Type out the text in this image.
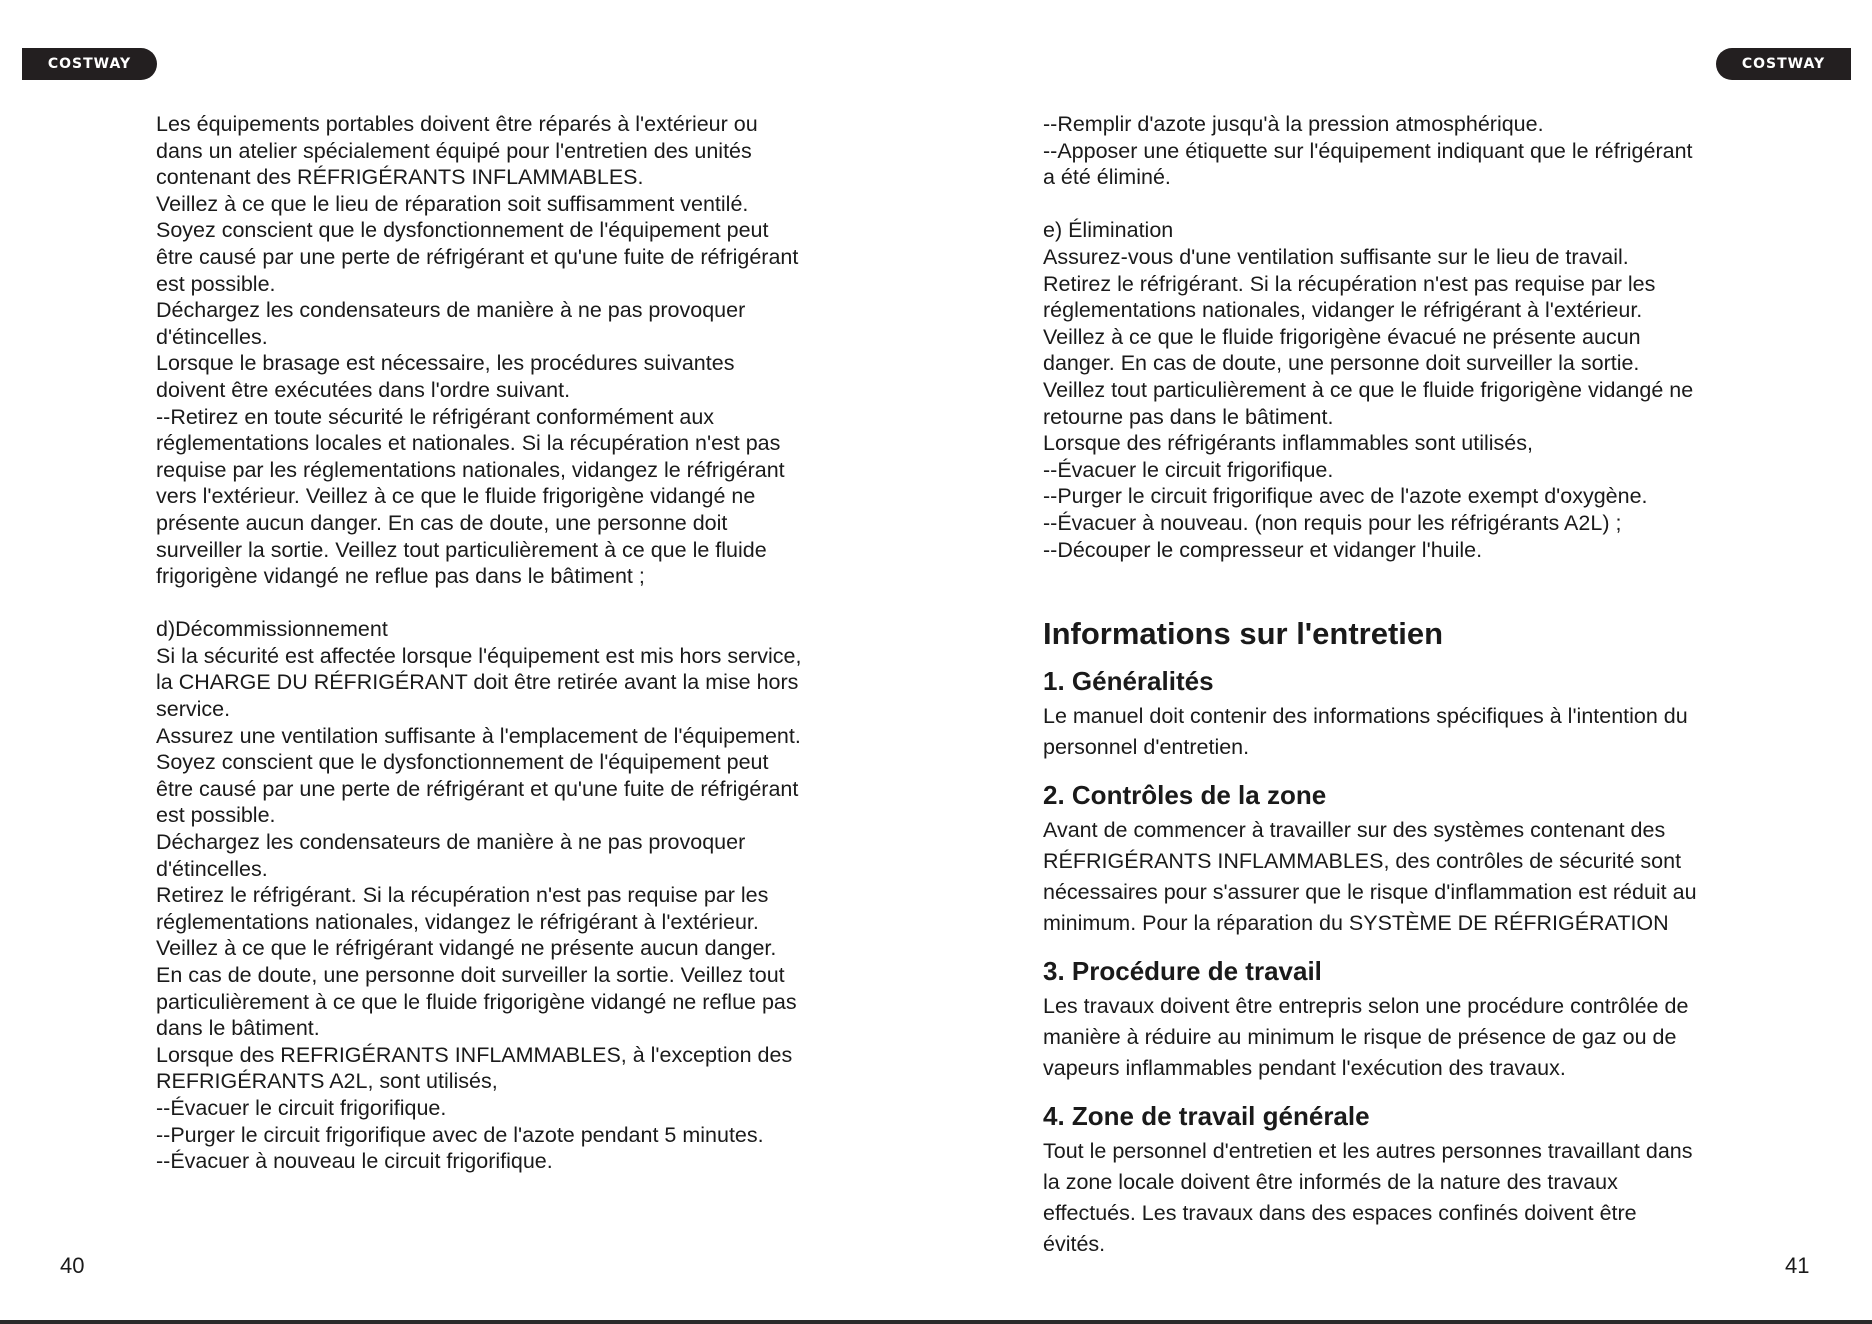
COSTWAY	COSTWAY

Les équipements portables doivent être réparés à l'extérieur ou
dans un atelier spécialement équipé pour l'entretien des unités
contenant des RÉFRIGÉRANTS INFLAMMABLES.
Veillez à ce que le lieu de réparation soit suffisamment ventilé.
Soyez conscient que le dysfonctionnement de l'équipement peut
être causé par une perte de réfrigérant et qu'une fuite de réfrigérant
est possible.
Déchargez les condensateurs de manière à ne pas provoquer
d'étincelles.
Lorsque le brasage est nécessaire, les procédures suivantes
doivent être exécutées dans l'ordre suivant.
--Retirez en toute sécurité le réfrigérant conformément aux
réglementations locales et nationales. Si la récupération n'est pas
requise par les réglementations nationales, vidangez le réfrigérant
vers l'extérieur. Veillez à ce que le fluide frigorigène vidangé ne
présente aucun danger. En cas de doute, une personne doit
surveiller la sortie. Veillez tout particulièrement à ce que le fluide
frigorigène vidangé ne reflue pas dans le bâtiment ;

d)Décommissionnement
Si la sécurité est affectée lorsque l'équipement est mis hors service,
la CHARGE DU RÉFRIGÉRANT doit être retirée avant la mise hors
service.
Assurez une ventilation suffisante à l'emplacement de l'équipement.
Soyez conscient que le dysfonctionnement de l'équipement peut
être causé par une perte de réfrigérant et qu'une fuite de réfrigérant
est possible.
Déchargez les condensateurs de manière à ne pas provoquer
d'étincelles.
Retirez le réfrigérant. Si la récupération n'est pas requise par les
réglementations nationales, vidangez le réfrigérant à l'extérieur.
Veillez à ce que le réfrigérant vidangé ne présente aucun danger.
En cas de doute, une personne doit surveiller la sortie. Veillez tout
particulièrement à ce que le fluide frigorigène vidangé ne reflue pas
dans le bâtiment.
Lorsque des REFRIGÉRANTS INFLAMMABLES, à l'exception des
REFRIGÉRANTS A2L, sont utilisés,
--Évacuer le circuit frigorifique.
--Purger le circuit frigorifique avec de l'azote pendant 5 minutes.
--Évacuer à nouveau le circuit frigorifique.

--Remplir d'azote jusqu'à la pression atmosphérique.
--Apposer une étiquette sur l'équipement indiquant que le réfrigérant
a été éliminé.

e) Élimination
Assurez-vous d'une ventilation suffisante sur le lieu de travail.
Retirez le réfrigérant. Si la récupération n'est pas requise par les
réglementations nationales, vidanger le réfrigérant à l'extérieur.
Veillez à ce que le fluide frigorigène évacué ne présente aucun
danger. En cas de doute, une personne doit surveiller la sortie.
Veillez tout particulièrement à ce que le fluide frigorigène vidangé ne
retourne pas dans le bâtiment.
Lorsque des réfrigérants inflammables sont utilisés,
--Évacuer le circuit frigorifique.
--Purger le circuit frigorifique avec de l'azote exempt d'oxygène.
--Évacuer à nouveau. (non requis pour les réfrigérants A2L) ;
--Découper le compresseur et vidanger l'huile.

Informations sur l'entretien
1. Généralités

Le manuel doit contenir des informations spécifiques à l'intention du
personnel d'entretien.

2. Contrôles de la zone

Avant de commencer à travailler sur des systèmes contenant des
RÉFRIGÉRANTS INFLAMMABLES, des contrôles de sécurité sont
nécessaires pour s'assurer que le risque d'inflammation est réduit au
minimum. Pour la réparation du SYSTÈME DE RÉFRIGÉRATION

3. Procédure de travail

Les travaux doivent être entrepris selon une procédure contrôlée de
manière à réduire au minimum le risque de présence de gaz ou de
vapeurs inflammables pendant l'exécution des travaux.

4. Zone de travail générale

Tout le personnel d'entretien et les autres personnes travaillant dans
la zone locale doivent être informés de la nature des travaux
effectués. Les travaux dans des espaces confinés doivent être
évités.

40	41
